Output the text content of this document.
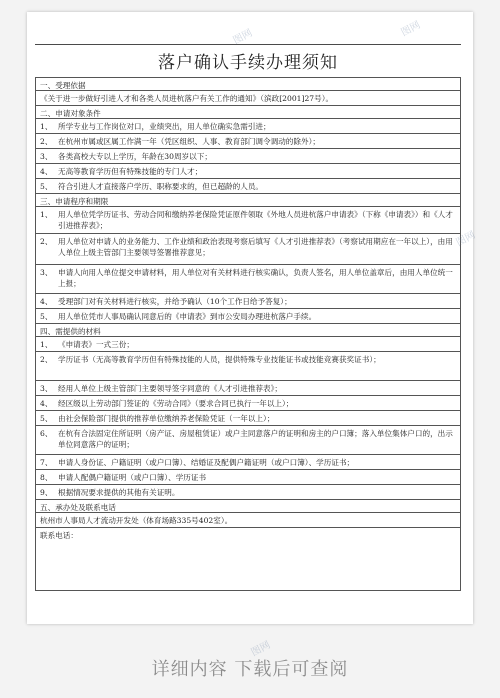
落户确认手续办理须知
一、 受理依据
《关于进一步做好引进人才和各类人员进杭落户有关工作的通知》（滨政[2001]27号）。
二、 申请对象条件
1、 所学专业与工作岗位对口，业绩突出，用人单位确实急需引进；
2、 在杭州市属或区属工作满一年（凭区组织、人事、教育部门调令调动的除外）；
3、 各类高校大专以上学历，年龄在30周岁以下；
4、 无高等教育学历但有特殊技能的专门人才；
5、 符合引进人才直接落户学历、职称要求的，但已超龄的人员。
三、 申请程序和期限
1、 用人单位凭学历证书、劳动合同和缴纳养老保险凭证原件领取《外地人员进杭落户申请表》（下称《申请表》）和《人才引进推荐表》；
2、 用人单位对申请人的业务能力、工作业绩和政治表现考察后填写《人才引进推荐表》（考察试用期应在一年以上），由用人单位上级主管部门主要领导签署推荐意见；
3、 申请人向用人单位提交申请材料，用人单位对有关材料进行核实确认，负责人签名，用人单位盖章后，由用人单位统一上报；
4、 受理部门对有关材料进行核实，并给予确认（10个工作日给予答复）；
5、 用人单位凭市人事局确认同意后的《申请表》到市公安局办理进杭落户手续。
四、 需提供的材料
1、 《申请表》一式三份；
2、 学历证书（无高等教育学历但有特殊技能的人员，提供特殊专业技能证书或技能竞赛获奖证书）；
3、 经用人单位上级主管部门主要领导签字同意的《人才引进推荐表》；
4、 经区级以上劳动部门签证的《劳动合同》（要求合同已执行一年以上）；
5、 由社会保险部门提供的推荐单位缴纳养老保险凭证（一年以上）；
6、 在杭有合法固定住所证明（房产证、房屋租赁证）或户主同意落户的证明和房主的户口簿；落入单位集体户口的，出示单位同意落户的证明；
7、 申请人身份证、户籍证明（或户口簿）、结婚证及配偶户籍证明（或户口簿）、学历证书；
8、 申请人配偶户籍证明（或户口簿）、学历证书
9、 根据情况要求提供的其他有关证明。
五、 承办处及联系电话
杭州市人事局人才流动开发处（体育场路335号402室）。
联系电话：
详细内容 下载后可查阅
图网	图网
图网
图网
